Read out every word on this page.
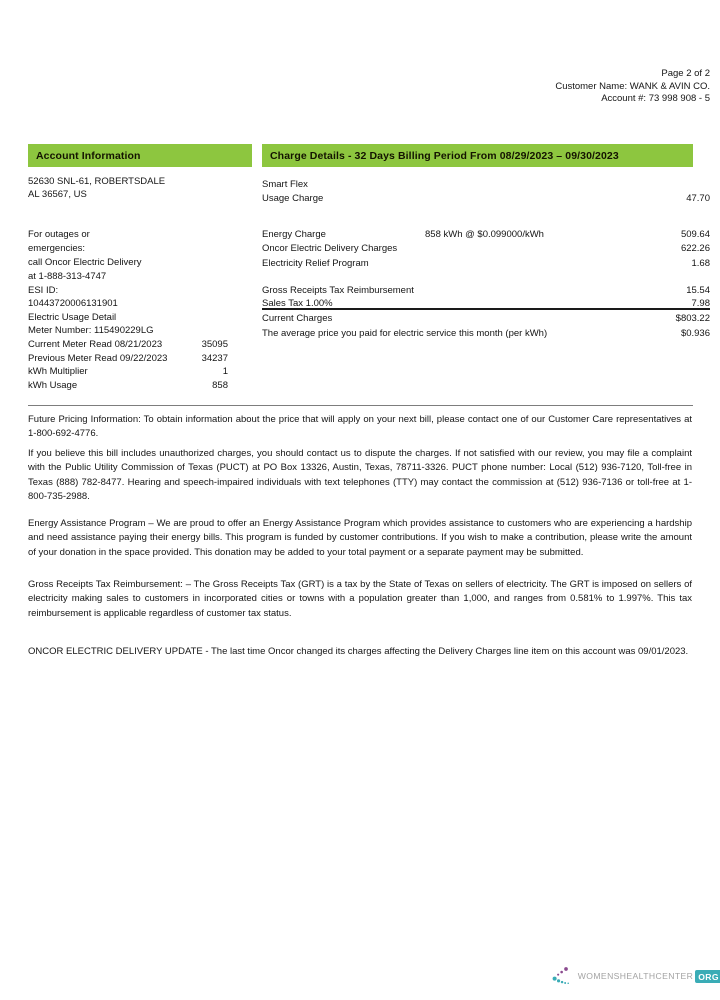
Page 2 of 2
Customer Name: WANK & AVIN CO.
Account #: 73 998 908 - 5
Account Information	Charge Details - 32 Days Billing Period From 08/29/2023 – 09/30/2023
52630 SNL-61, ROBERTSDALE
AL 36567, US
For outages or
emergencies:
call Oncor Electric Delivery
at 1-888-313-4747
ESI ID:
10443720006131901
Electric Usage Detail
Meter Number: 115490229LG
Current Meter Read 08/21/2023	35095
Previous Meter Read 09/22/2023	34237
kWh Multiplier	1
kWh Usage	858
Smart Flex
Usage Charge	47.70
Energy Charge	858 kWh @ $0.099000/kWh	509.64
Oncor Electric Delivery Charges	622.26
Electricity Relief Program	1.68
Gross Receipts Tax Reimbursement	15.54
Sales Tax 1.00%	7.98
Current Charges	$803.22
The average price you paid for electric service this month (per kWh)	$0.936
Future Pricing Information: To obtain information about the price that will apply on your next bill, please contact one of our Customer Care representatives at 1-800-692-4776.
If you believe this bill includes unauthorized charges, you should contact us to dispute the charges. If not satisfied with our review, you may file a complaint with the Public Utility Commission of Texas (PUCT) at PO Box 13326, Austin, Texas, 78711-3326. PUCT phone number: Local (512) 936-7120, Toll-free in Texas (888) 782-8477. Hearing and speech-impaired individuals with text telephones (TTY) may contact the commission at (512) 936-7136 or toll-free at 1-800-735-2988.
Energy Assistance Program – We are proud to offer an Energy Assistance Program which provides assistance to customers who are experiencing a hardship and need assistance paying their energy bills. This program is funded by customer contributions. If you wish to make a contribution, please write the amount of your donation in the space provided. This donation may be added to your total payment or a separate payment may be submitted.
Gross Receipts Tax Reimbursement: – The Gross Receipts Tax (GRT) is a tax by the State of Texas on sellers of electricity. The GRT is imposed on sellers of electricity making sales to customers in incorporated cities or towns with a population greater than 1,000, and ranges from 0.581% to 1.997%. This tax reimbursement is applicable regardless of customer tax status.
ONCOR ELECTRIC DELIVERY UPDATE - The last time Oncor changed its charges affecting the Delivery Charges line item on this account was 09/01/2023.
WOMENSHEALTHCENTER ORG
